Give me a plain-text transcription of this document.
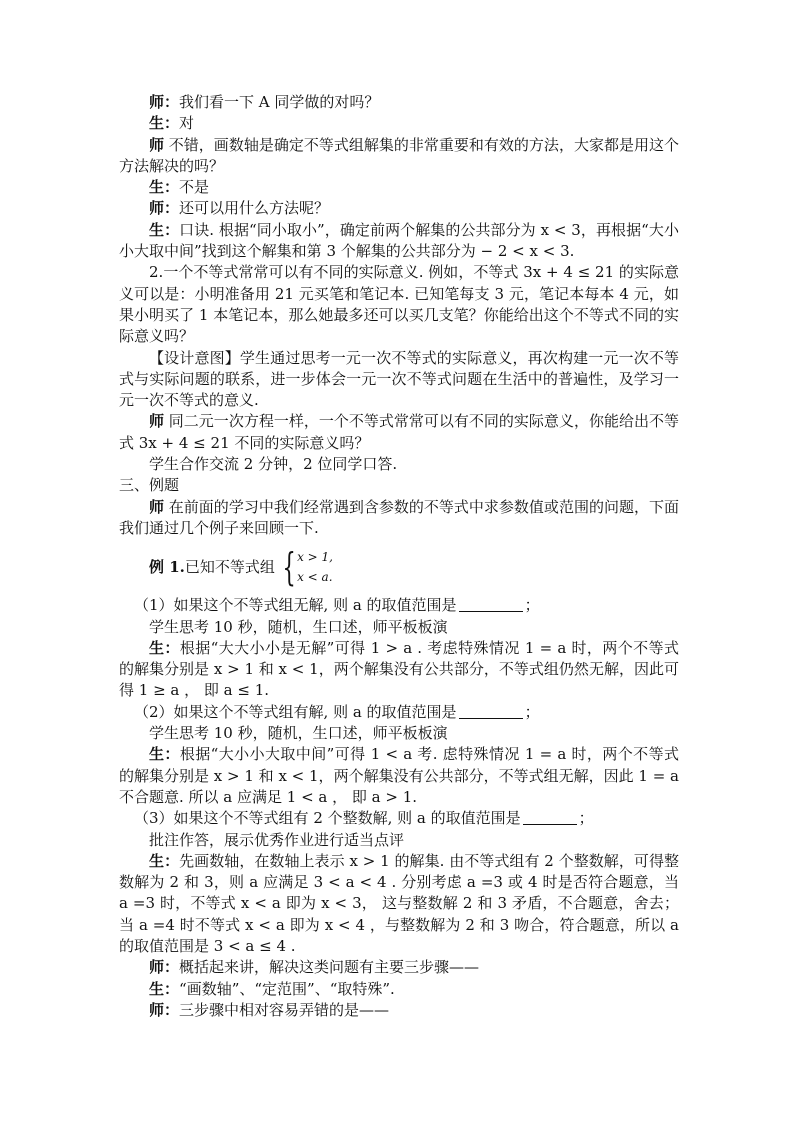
师：我们看一下 A 同学做的对吗？

生：对

师 不错，画数轴是确定不等式组解集的非常重要和有效的方法，大家都是用这个方法解决的吗？

生：不是

师：还可以用什么方法呢？

生：口诀. 根据“同小取小”，确定前两个解集的公共部分为 x < 3，再根据“大小小大取中间”找到这个解集和第 3 个解集的公共部分为 − 2 < x < 3.

2.一个不等式常常可以有不同的实际意义. 例如，不等式 3x + 4 ≤ 21 的实际意义可以是：小明准备用 21 元买笔和笔记本. 已知笔每支 3 元，笔记本每本 4 元，如果小明买了 1 本笔记本，那么她最多还可以买几支笔？你能给出这个不等式不同的实际意义吗？

【设计意图】学生通过思考一元一次不等式的实际意义，再次构建一元一次不等式与实际问题的联系，进一步体会一元一次不等式问题在生活中的普遍性，及学习一元一次不等式的意义.

师 同二元一次方程一样，一个不等式常常可以有不同的实际意义，你能给出不等式 3x + 4 ≤ 21 不同的实际意义吗？

学生合作交流 2 分钟，2 位同学口答.

三、例题

师 在前面的学习中我们经常遇到含参数的不等式中求参数值或范围的问题，下面我们通过几个例子来回顾一下.

例 1. 已知不等式组 { x > 1,
x < a.

（1）如果这个不等式组无解, 则 a 的取值范围是	；

学生思考 10 秒，随机，生口述，师平板板演

生：根据“大大小小是无解”可得 1 > a . 考虑特殊情况 1 = a 时，两个不等式的解集分别是 x > 1 和 x < 1，两个解集没有公共部分，不等式组仍然无解，因此可得 1 ≥ a ， 即 a ≤ 1.

（2）如果这个不等式组有解, 则 a 的取值范围是	；

学生思考 10 秒，随机，生口述，师平板板演

生：根据“大小小大取中间”可得 1 < a 考. 虑特殊情况 1 = a 时，两个不等式的解集分别是 x > 1 和 x < 1，两个解集没有公共部分，不等式组无解，因此 1 = a 不合题意. 所以 a 应满足 1 < a ， 即 a > 1.

（3）如果这个不等式组有 2 个整数解, 则 a 的取值范围是	；

批注作答，展示优秀作业进行适当点评

生：先画数轴，在数轴上表示 x > 1 的解集. 由不等式组有 2 个整数解，可得整数解为 2 和 3，则 a 应满足 3 < a < 4 . 分别考虑 a =3 或 4 时是否符合题意，当 a =3 时，不等式 x < a 即为 x < 3， 这与整数解 2 和 3 矛盾，不合题意，舍去；当 a =4 时不等式 x < a 即为 x < 4 ，与整数解为 2 和 3 吻合，符合题意，所以 a 的取值范围是 3 < a ≤ 4 .

师：概括起来讲，解决这类问题有主要三步骤——

生：“画数轴”、“定范围”、“取特殊”.

师：三步骤中相对容易弄错的是——
